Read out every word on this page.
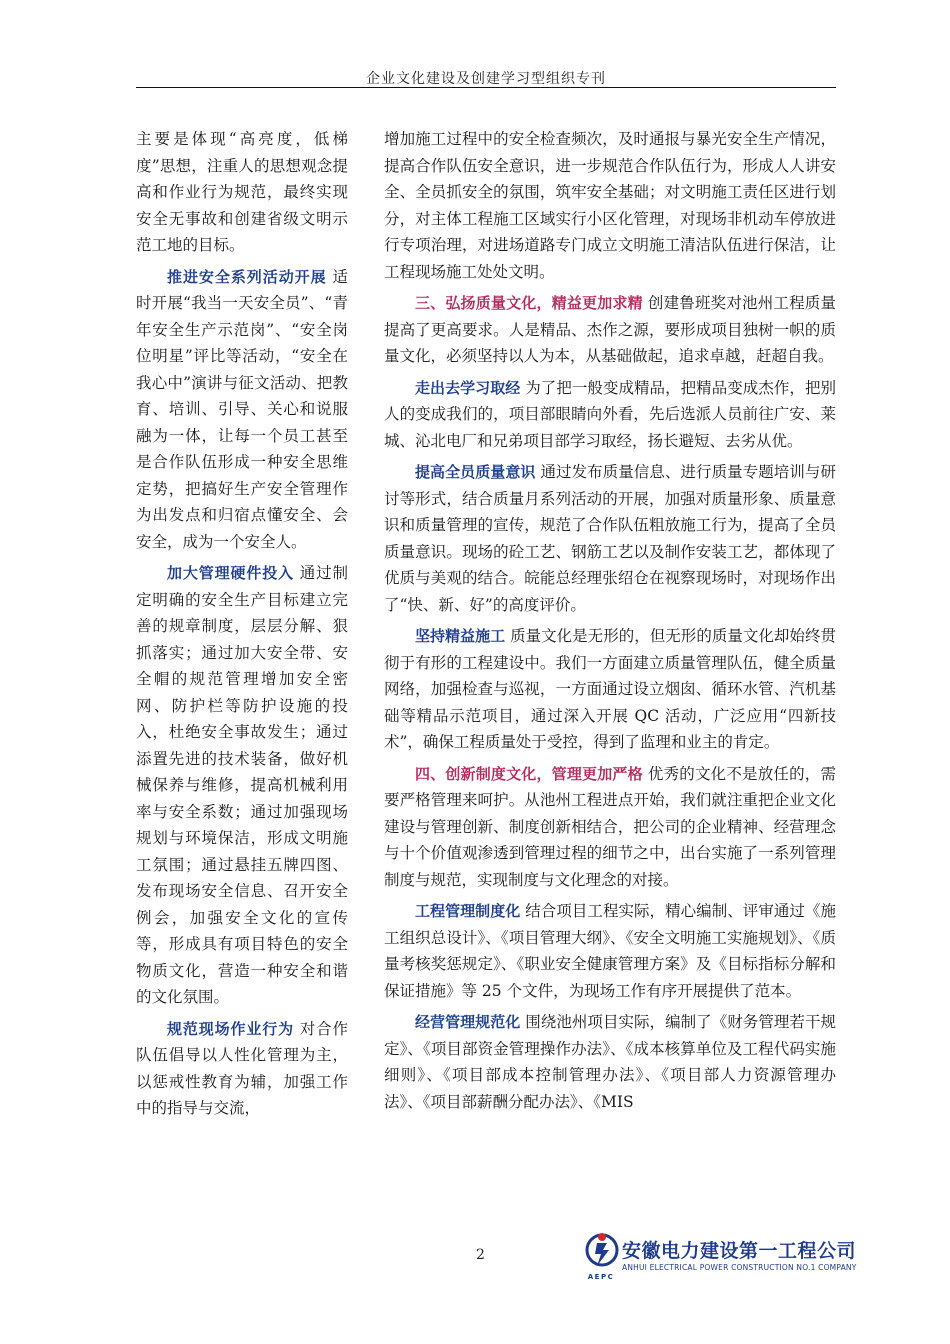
企业文化建设及创建学习型组织专刊

主要是体现“高亮度，低梯度”思想，注重人的思想观念提高和作业行为规范，最终实现安全无事故和创建省级文明示范工地的目标。

推进安全系列活动开展 适时开展“我当一天安全员”、“青年安全生产示范岗”、“安全岗位明星”评比等活动，“安全在我心中”演讲与征文活动、把教育、培训、引导、关心和说服融为一体，让每一个员工甚至是合作队伍形成一种安全思维定势，把搞好生产安全管理作为出发点和归宿点懂安全、会安全，成为一个安全人。

加大管理硬件投入 通过制定明确的安全生产目标建立完善的规章制度，层层分解、狠抓落实；通过加大安全带、安全帽的规范管理增加安全密网、防护栏等防护设施的投入，杜绝安全事故发生；通过添置先进的技术装备，做好机械保养与维修，提高机械利用率与安全系数；通过加强现场规划与环境保洁，形成文明施工氛围；通过悬挂五牌四图、发布现场安全信息、召开安全例会，加强安全文化的宣传等，形成具有项目特色的安全物质文化，营造一种安全和谐的文化氛围。

规范现场作业行为 对合作队伍倡导以人性化管理为主，以惩戒性教育为辅，加强工作中的指导与交流，

增加施工过程中的安全检查频次，及时通报与暴光安全生产情况，提高合作队伍安全意识，进一步规范合作队伍行为，形成人人讲安全、全员抓安全的氛围，筑牢安全基础；对文明施工责任区进行划分，对主体工程施工区域实行小区化管理，对现场非机动车停放进行专项治理，对进场道路专门成立文明施工清洁队伍进行保洁，让工程现场施工处处文明。

三、弘扬质量文化，精益更加求精 创建鲁班奖对池州工程质量提高了更高要求。人是精品、杰作之源，要形成项目独树一帜的质量文化，必须坚持以人为本，从基础做起，追求卓越，赶超自我。

走出去学习取经 为了把一般变成精品，把精品变成杰作，把别人的变成我们的，项目部眼睛向外看，先后选派人员前往广安、莱城、沁北电厂和兄弟项目部学习取经，扬长避短、去劣从优。

提高全员质量意识 通过发布质量信息、进行质量专题培训与研讨等形式，结合质量月系列活动的开展，加强对质量形象、质量意识和质量管理的宣传，规范了合作队伍粗放施工行为，提高了全员质量意识。现场的砼工艺、钢筋工艺以及制作安装工艺，都体现了优质与美观的结合。皖能总经理张绍仓在视察现场时，对现场作出了“快、新、好”的高度评价。

坚持精益施工 质量文化是无形的，但无形的质量文化却始终贯彻于有形的工程建设中。我们一方面建立质量管理队伍，健全质量网络，加强检查与巡视，一方面通过设立烟囱、循环水管、汽机基础等精品示范项目，通过深入开展 QC 活动，广泛应用“四新技术”，确保工程质量处于受控，得到了监理和业主的肯定。

四、创新制度文化，管理更加严格 优秀的文化不是放任的，需要严格管理来呵护。从池州工程进点开始，我们就注重把企业文化建设与管理创新、制度创新相结合，把公司的企业精神、经营理念与十个价值观渗透到管理过程的细节之中，出台实施了一系列管理制度与规范，实现制度与文化理念的对接。

工程管理制度化 结合项目工程实际，精心编制、评审通过《施工组织总设计》、《项目管理大纲》、《安全文明施工实施规划》、《质量考核奖惩规定》、《职业安全健康管理方案》及《目标指标分解和保证措施》等 25 个文件，为现场工作有序开展提供了范本。

经营管理规范化 围绕池州项目实际，编制了《财务管理若干规定》、《项目部资金管理操作办法》、《成本核算单位及工程代码实施细则》、《项目部成本控制管理办法》、《项目部人力资源管理办法》、《项目部薪酬分配办法》、《MIS

2
AEPC
安徽电力建设第一工程公司
ANHUI ELECTRICAL POWER CONSTRUCTION NO.1 COMPANY
